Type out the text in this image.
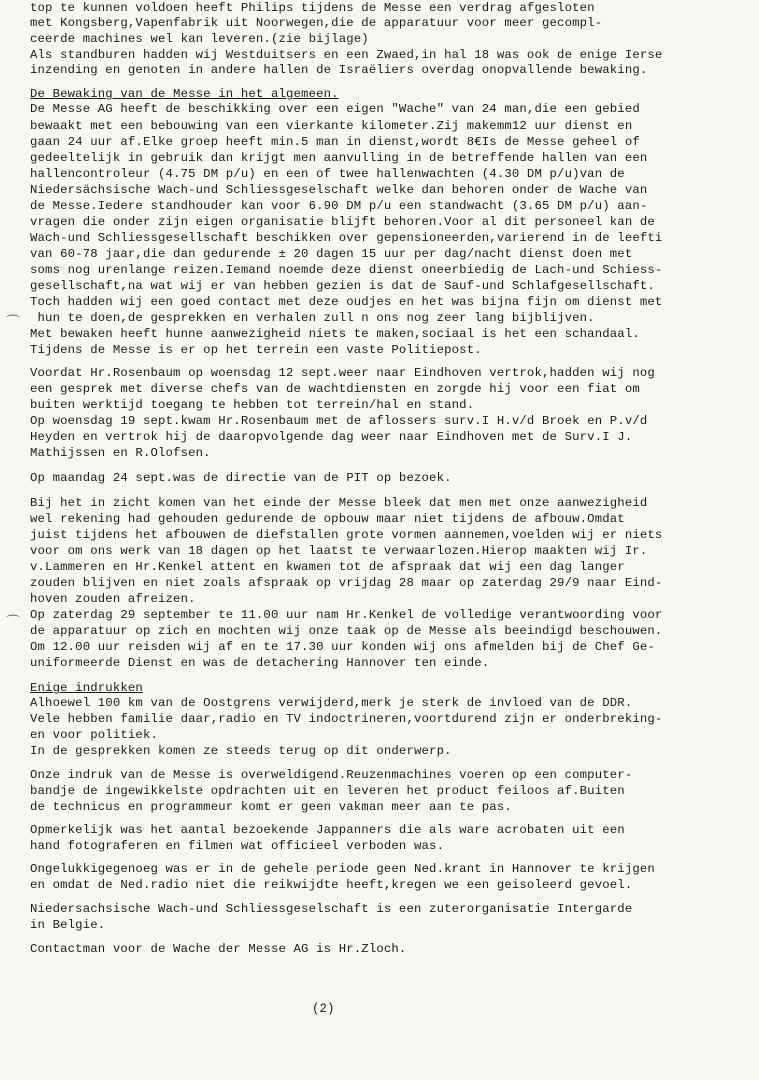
top te kunnen voldoen heeft Philips tijdens de Messe een verdrag afgesloten
met Kongsberg,Vapenfabrik uit Noorwegen,die de apparatuur voor meer gecompl-
ceerde machines wel kan leveren.(zie bijlage)
Als standburen hadden wij Westduitsers en een Zwaed,in hal 18 was ook de enige Ierse
inzending en genoten in andere hallen de Israëliers overdag onopvallende bewaking.
De Bewaking van de Messe in het algemeen.
De Messe AG heeft de beschikking over een eigen "Wache" van 24 man,die een gebied
bewaakt met een bebouwing van een vierkante kilometer.Zij makemm12 uur dienst en
gaan 24 uur af.Elke groep heeft min.5 man in dienst,wordt 8€Is de Messe geheel of
gedeeltelijk in gebruik dan krijgt men aanvulling in de betreffende hallen van een
hallencontroleur (4.75 DM p/u) en een of twee hallenwachten (4.30 DM p/u)van de
Niedersächsische Wach-und Schliessgeselschaft welke dan behoren onder de Wache van
de Messe.Iedere standhouder kan voor 6.90 DM p/u een standwacht (3.65 DM p/u) aan-
vragen die onder zijn eigen organisatie blijft behoren.Voor al dit personeel kan de
Wach-und Schliessgesellschaft beschikken over gepensioneerden,varierend in de leefti
van 60-78 jaar,die dan gedurende ± 20 dagen 15 uur per dag/nacht dienst doen met
soms nog urenlange reizen.Iemand noemde deze dienst oneerbiedig de Lach-und Schiess-
gesellschaft,na wat wij er van hebben gezien is dat de Sauf-und Schlafgesellschaft.
Toch hadden wij een goed contact met deze oudjes en het was bijna fijn om dienst met
hun te doen,de gesprekken en verhalen zull n ons nog zeer lang bijblijven.
Met bewaken heeft hunne aanwezigheid niets te maken,sociaal is het een schandaal.
Tijdens de Messe is er op het terrein een vaste Politiepost.
Voordat Hr.Rosenbaum op woensdag 12 sept.weer naar Eindhoven vertrok,hadden wij nog
een gesprek met diverse chefs van de wachtdiensten en zorgde hij voor een fiat om
buiten werktijd toegang te hebben tot terrein/hal en stand.
Op woensdag 19 sept.kwam Hr.Rosenbaum met de aflossers surv.I H.v/d Broek en P.v/d
Heyden en vertrok hij de daaropvolgende dag weer naar Eindhoven met de Surv.I J.
Mathijssen en R.Olofsen.
Op maandag 24 sept.was de directie van de PIT op bezoek.
Bij het in zicht komen van het einde der Messe bleek dat men met onze aanwezigheid
wel rekening had gehouden gedurende de opbouw maar niet tijdens de afbouw.Omdat
juist tijdens het afbouwen de diefstallen grote vormen aannemen,voelden wij er niets
voor om ons werk van 18 dagen op het laatst te verwaarlozen.Hierop maakten wij Ir.
v.Lammeren en Hr.Kenkel attent en kwamen tot de afspraak dat wij een dag langer
zouden blijven en niet zoals afspraak op vrijdag 28 maar op zaterdag 29/9 naar Eind-
hoven zouden afreizen.
Op zaterdag 29 september te 11.00 uur nam Hr.Kenkel de volledige verantwoording voor
de apparatuur op zich en mochten wij onze taak op de Messe als beeindigd beschouwen.
Om 12.00 uur reisden wij af en te 17.30 uur konden wij ons afmelden bij de Chef Ge-
uniformeerde Dienst en was de detachering Hannover ten einde.
Enige indrukken
Alhoewel 100 km van de Oostgrens verwijderd,merk je sterk de invloed van de DDR.
Vele hebben familie daar,radio en TV indoctrineren,voortdurend zijn er onderbreking-
en voor politiek.
In de gesprekken komen ze steeds terug op dit onderwerp.
Onze indruk van de Messe is overweldigend.Reuzenmachines voeren op een computer-
bandje de ingewikkelste opdrachten uit en leveren het product feiloos af.Buiten
de technicus en programmeur komt er geen vakman meer aan te pas.
Opmerkelijk was het aantal bezoekende Jappanners die als ware acrobaten uit een
hand fotograferen en filmen wat officieel verboden was.
Ongelukkigegenoeg was er in de gehele periode geen Ned.krant in Hannover te krijgen
en omdat de Ned.radio niet die reikwijdte heeft,kregen we een geisoleerd gevoel.
Niedersachsische Wach-und Schliessgeselschaft is een zuterorganisatie Intergarde
in Belgie.
Contactman voor de Wache der Messe AG is Hr.Zloch.
(2)
⌒
⌒
